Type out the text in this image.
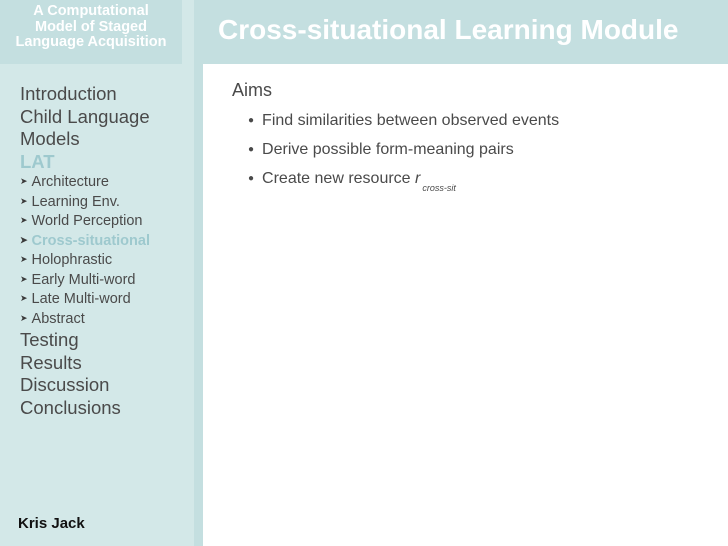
A Computational
Model of Staged
Language Acquisition
Introduction
Child Language
Models
LAT
➤ Architecture
➤ Learning Env.
➤ World Perception
➤ Cross-situational
➤ Holophrastic
➤ Early Multi-word
➤ Late Multi-word
➤ Abstract
Testing
Results
Discussion
Conclusions
Kris Jack
Cross-situational Learning Module
Aims
● Find similarities between observed events
● Derive possible form-meaning pairs
● Create new resource $r_{cross-sit}$
